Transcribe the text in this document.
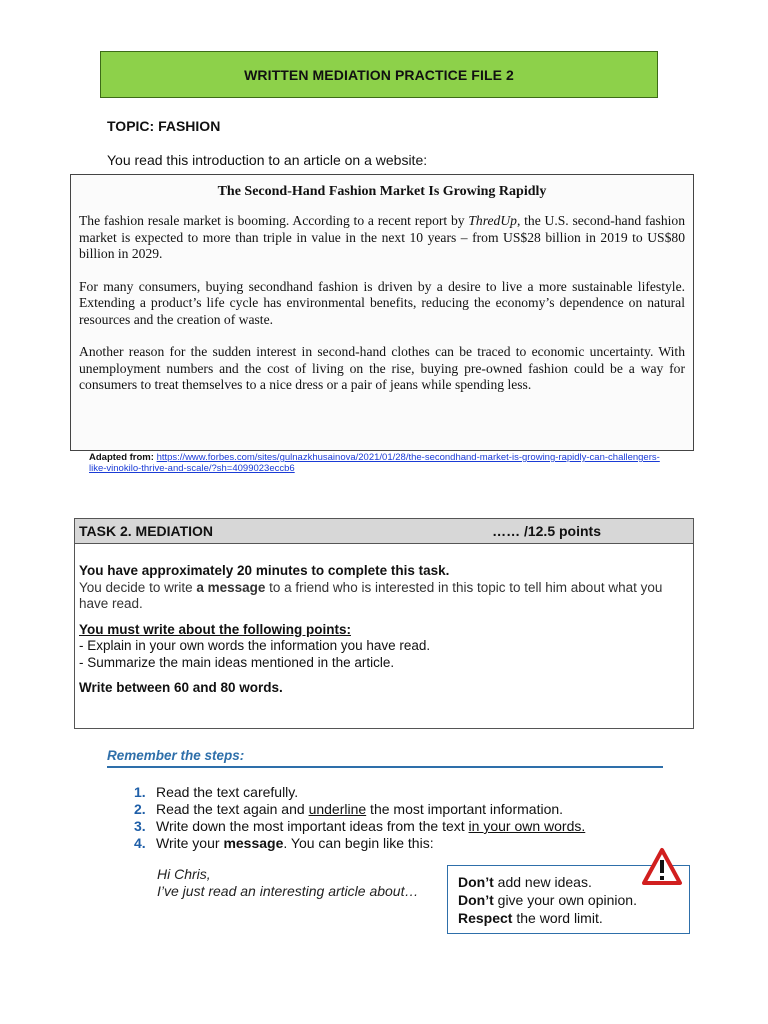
WRITTEN MEDIATION PRACTICE FILE 2
TOPIC: FASHION
You read this introduction to an article on a website:
The Second-Hand Fashion Market Is Growing Rapidly

The fashion resale market is booming. According to a recent report by ThredUp, the U.S. second-hand fashion market is expected to more than triple in value in the next 10 years – from US$28 billion in 2019 to US$80 billion in 2029.

For many consumers, buying secondhand fashion is driven by a desire to live a more sustainable lifestyle. Extending a product’s life cycle has environmental benefits, reducing the economy’s dependence on natural resources and the creation of waste.

Another reason for the sudden interest in second-hand clothes can be traced to economic uncertainty. With unemployment numbers and the cost of living on the rise, buying pre-owned fashion could be a way for consumers to treat themselves to a nice dress or a pair of jeans while spending less.

Adapted from: https://www.forbes.com/sites/gulnazkhusainova/2021/01/28/the-secondhand-market-is-growing-rapidly-can-challengers-like-vinokilo-thrive-and-scale/?sh=4099023eccb6
TASK 2. MEDIATION	…… /12.5 points
You have approximately 20 minutes to complete this task.
You decide to write a message to a friend who is interested in this topic to tell him about what you have read.
You must write about the following points:
- Explain in your own words the information you have read.
- Summarize the main ideas mentioned in the article.
Write between 60 and 80 words.
Remember the steps:
1. Read the text carefully.
2. Read the text again and underline the most important information.
3. Write down the most important ideas from the text in your own words.
4. Write your message. You can begin like this:
Hi Chris,
I’ve just read an interesting article about…
Don’t add new ideas.
Don’t give your own opinion.
Respect the word limit.
